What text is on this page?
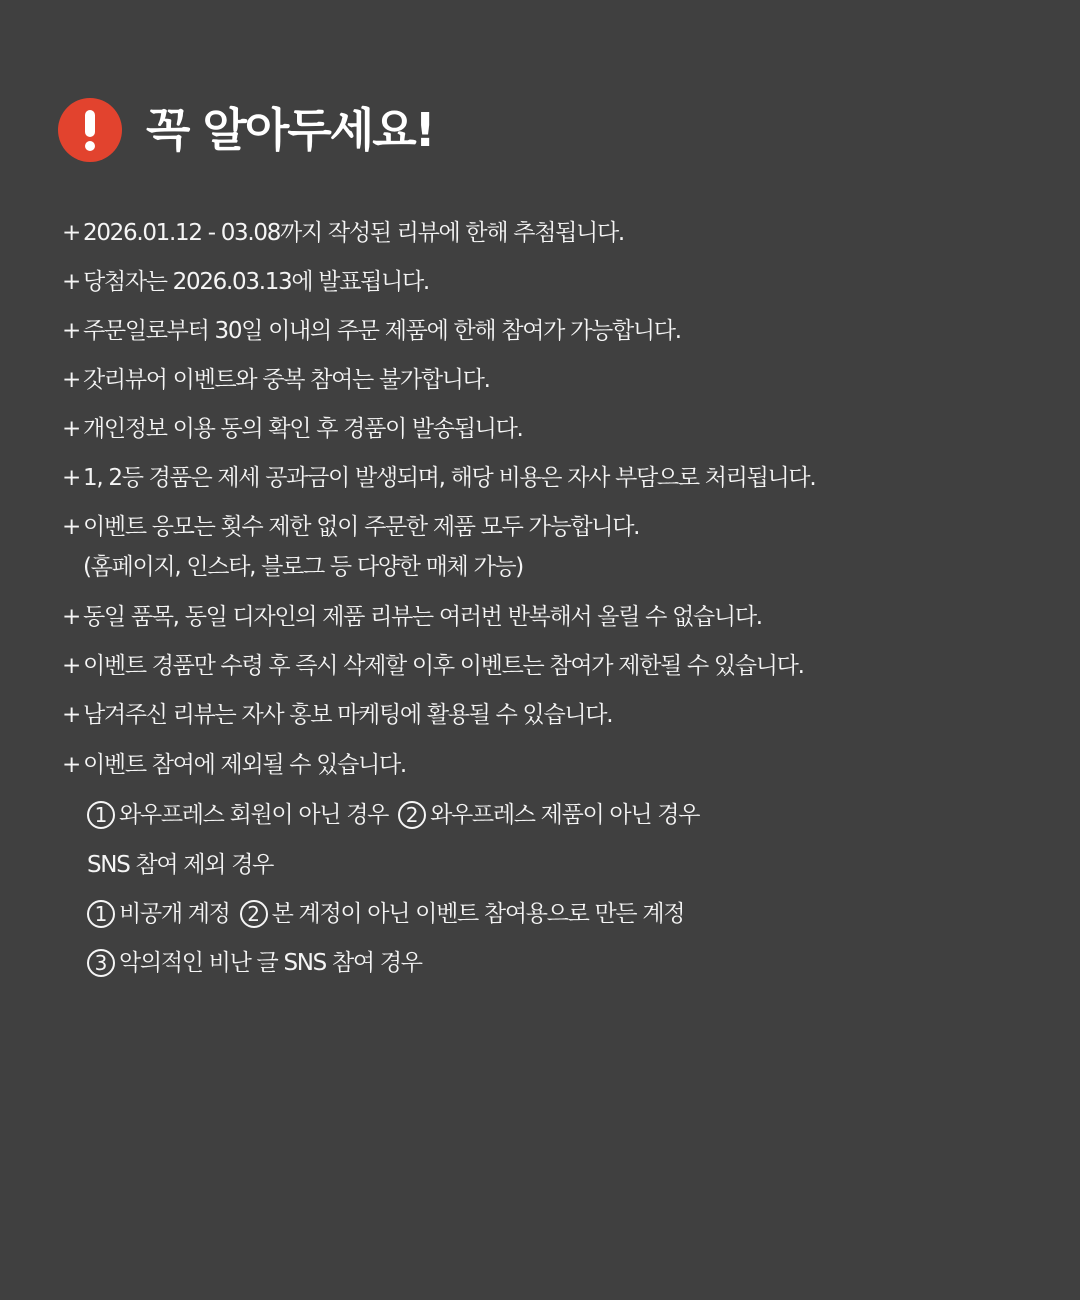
꼭 알아두세요!
+ 2026.01.12 - 03.08까지 작성된 리뷰에 한해 추첨됩니다.
+ 당첨자는 2026.03.13에 발표됩니다.
+ 주문일로부터 30일 이내의 주문 제품에 한해 참여가 가능합니다.
+ 갓리뷰어 이벤트와 중복 참여는 불가합니다.
+ 개인정보 이용 동의 확인 후 경품이 발송됩니다.
+ 1, 2등 경품은 제세 공과금이 발생되며, 해당 비용은 자사 부담으로 처리됩니다.
+ 이벤트 응모는 횟수 제한 없이 주문한 제품 모두 가능합니다.
(홈페이지, 인스타, 블로그 등 다양한 매체 가능)
+ 동일 품목, 동일 디자인의 제품 리뷰는 여러번 반복해서 올릴 수 없습니다.
+ 이벤트 경품만 수령 후 즉시 삭제할 이후 이벤트는 참여가 제한될 수 있습니다.
+ 남겨주신 리뷰는 자사 홍보 마케팅에 활용될 수 있습니다.
+ 이벤트 참여에 제외될 수 있습니다.
1 와우프레스 회원이 아닌 경우 2 와우프레스 제품이 아닌 경우
SNS 참여 제외 경우
1 비공개 계정 2 본 계정이 아닌 이벤트 참여용으로 만든 계정
3 악의적인 비난 글 SNS 참여 경우
